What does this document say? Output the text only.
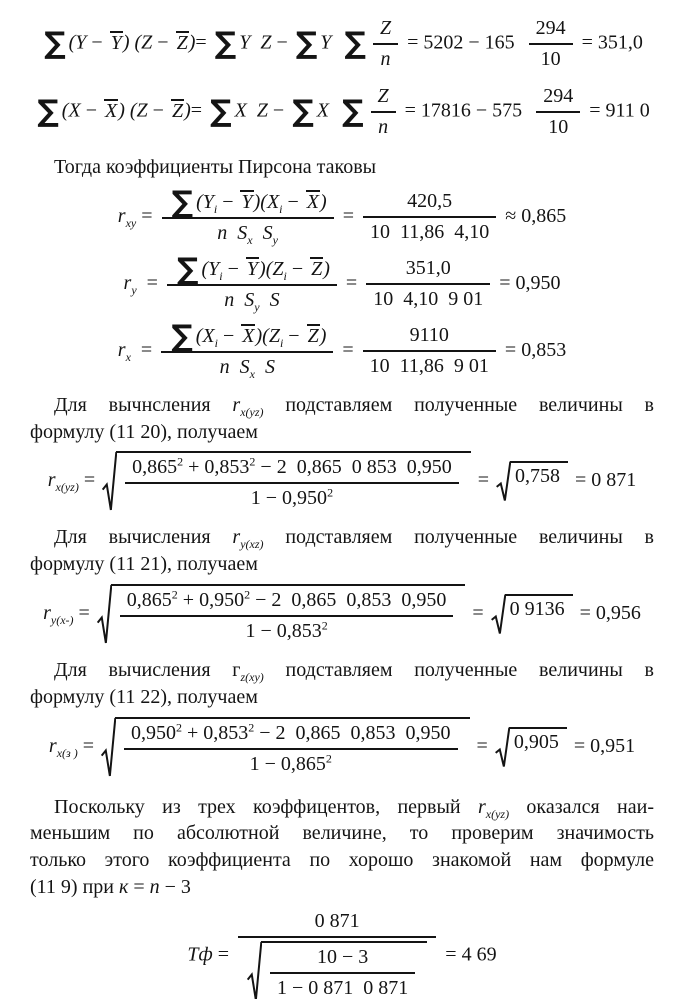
∑ (Y − Y) (Z − Z)= ∑ Y Z − ∑ Y ∑ $\frac{Z}{n} = 5202 - 165 \frac{294}{10} = 351,0$
∑ (X − X) (Z − Z)= ∑ X Z − ∑ X ∑ $\frac{Z}{n} = 17816 - 575 \frac{294}{10} = 911$ 0
Тогда коэффициенты Пирсона таковы
$r_{xy} = \frac{\sum (Y_i - Y)(X_i - X)}{n S_x S_y} = \frac{420,5}{10 11,86 4,10} \approx 0,865$
$r_y = \frac{\sum (Y_i - Y)(Z_i - Z)}{n S_y S} = \frac{351,0}{10 4,10 9 01} = 0,950$
$r_x = \frac{\sum (X_i - X)(Z_i - Z)}{n S_x S} = \frac{9110}{10 11,86 9 01} = 0,853$
Для вычнсления $r_{x(yz)}$ подставляем полученные величины в
формулу (11 20), получаем
$r_{x(yz)} = \frac{0,865^2 + 0,853^2 - 2 0,865 0 853 0,950}{1 - 0,950^2} = 0,758 = 0$ 871
Для вычисления $r_{y(xz)}$ подставляем полученные величины в
формулу (11 21), получаем
$r_{y(x-)} = \frac{0,865^2 + 0,950^2 - 2 0,865 0,853 0,950}{1 - 0,853^2} = 0$ 9136 = 0,956
Для вычисления $г_{z(xy)}$ подставляем полученные величины в
формулу (11 22), получаем
$r_{x(з )} = \frac{0,950^2 + 0,853^2 - 2 0,865 0,853 0,950}{1 - 0,865^2} = 0,905 = 0,951$
Поскольку из трех коэффицентов, первый $r_{x(yz)}$ оказался наи-
меньшим по абсолютной величине, то проверим значимость
только этого коэффициента по хорошо знакомой нам формуле
(11 9) при к = n − 3
Tф = $\frac{0 871}{\frac{10 - 3}{1 - 0 871 0 871}} = 4$ 69
